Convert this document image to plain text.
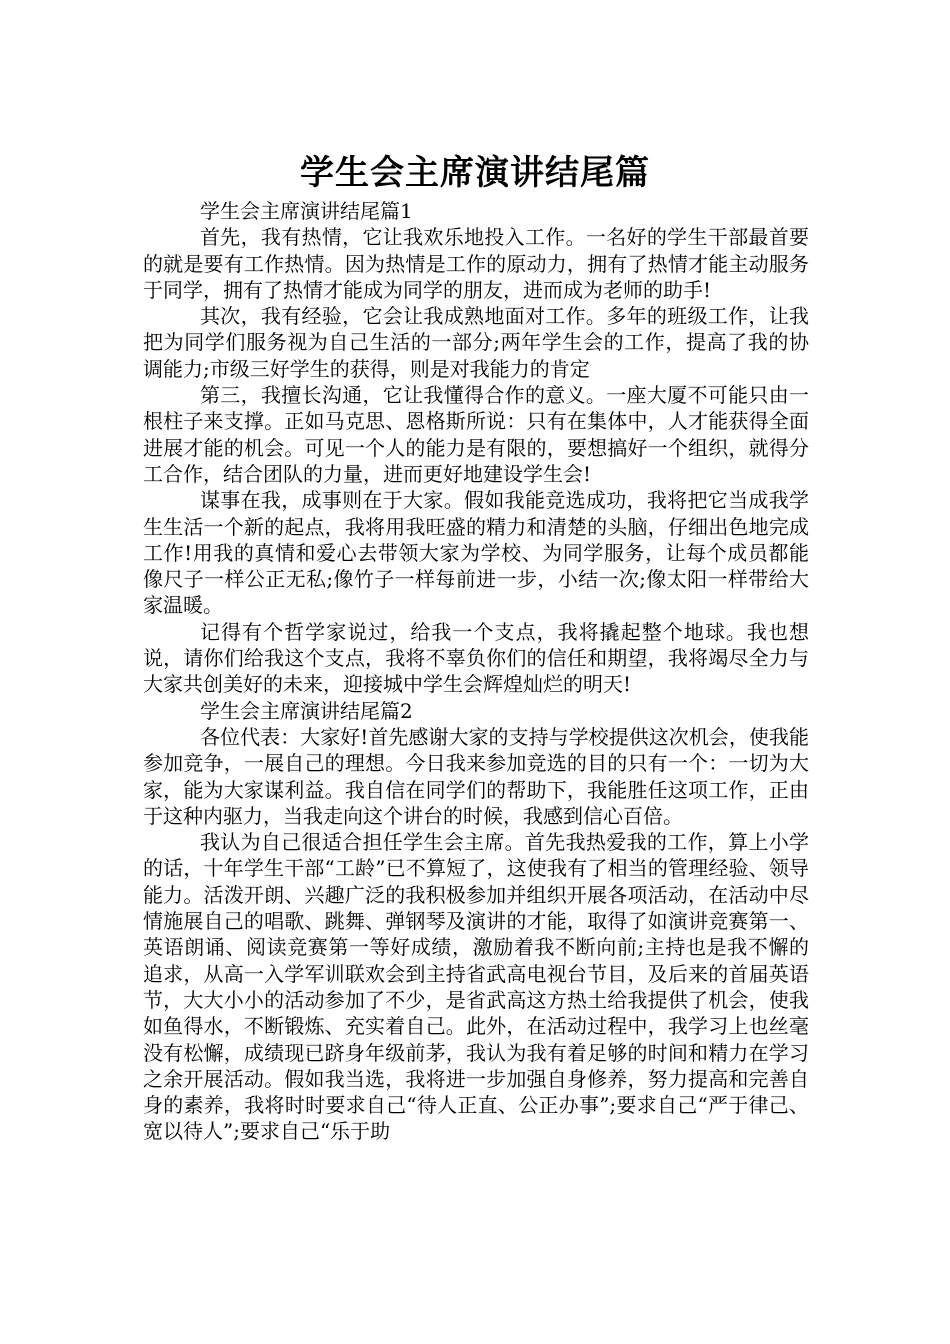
学生会主席演讲结尾篇

学生会主席演讲结尾篇1

首先，我有热情，它让我欢乐地投入工作。一名好的学生干部最首要的就是要有工作热情。因为热情是工作的原动力，拥有了热情才能主动服务于同学，拥有了热情才能成为同学的朋友，进而成为老师的助手!

其次，我有经验，它会让我成熟地面对工作。多年的班级工作，让我把为同学们服务视为自己生活的一部分;两年学生会的工作，提高了我的协调能力;市级三好学生的获得，则是对我能力的肯定

第三，我擅长沟通，它让我懂得合作的意义。一座大厦不可能只由一根柱子来支撑。正如马克思、恩格斯所说：只有在集体中，人才能获得全面进展才能的机会。可见一个人的能力是有限的，要想搞好一个组织，就得分工合作，结合团队的力量，进而更好地建设学生会!

谋事在我，成事则在于大家。假如我能竞选成功，我将把它当成我学生生活一个新的起点，我将用我旺盛的精力和清楚的头脑，仔细出色地完成工作!用我的真情和爱心去带领大家为学校、为同学服务，让每个成员都能像尺子一样公正无私;像竹子一样每前进一步，小结一次;像太阳一样带给大家温暖。

记得有个哲学家说过，给我一个支点，我将撬起整个地球。我也想说，请你们给我这个支点，我将不辜负你们的信任和期望，我将竭尽全力与大家共创美好的未来，迎接城中学生会辉煌灿烂的明天!

学生会主席演讲结尾篇2

各位代表：大家好!首先感谢大家的支持与学校提供这次机会，使我能参加竞争，一展自己的理想。今日我来参加竞选的目的只有一个：一切为大家，能为大家谋利益。我自信在同学们的帮助下，我能胜任这项工作，正由于这种内驱力，当我走向这个讲台的时候，我感到信心百倍。

我认为自己很适合担任学生会主席。首先我热爱我的工作，算上小学的话，十年学生干部“工龄”已不算短了，这使我有了相当的管理经验、领导能力。活泼开朗、兴趣广泛的我积极参加并组织开展各项活动，在活动中尽情施展自己的唱歌、跳舞、弹钢琴及演讲的才能，取得了如演讲竞赛第一、英语朗诵、阅读竞赛第一等好成绩，激励着我不断向前;主持也是我不懈的追求，从高一入学军训联欢会到主持省武高电视台节目，及后来的首届英语节，大大小小的活动参加了不少，是省武高这方热土给我提供了机会，使我如鱼得水，不断锻炼、充实着自己。此外，在活动过程中，我学习上也丝毫没有松懈，成绩现已跻身年级前茅，我认为我有着足够的时间和精力在学习之余开展活动。假如我当选，我将进一步加强自身修养，努力提高和完善自身的素养，我将时时要求自己“待人正直、公正办事”;要求自己“严于律己、宽以待人”;要求自己“乐于助
